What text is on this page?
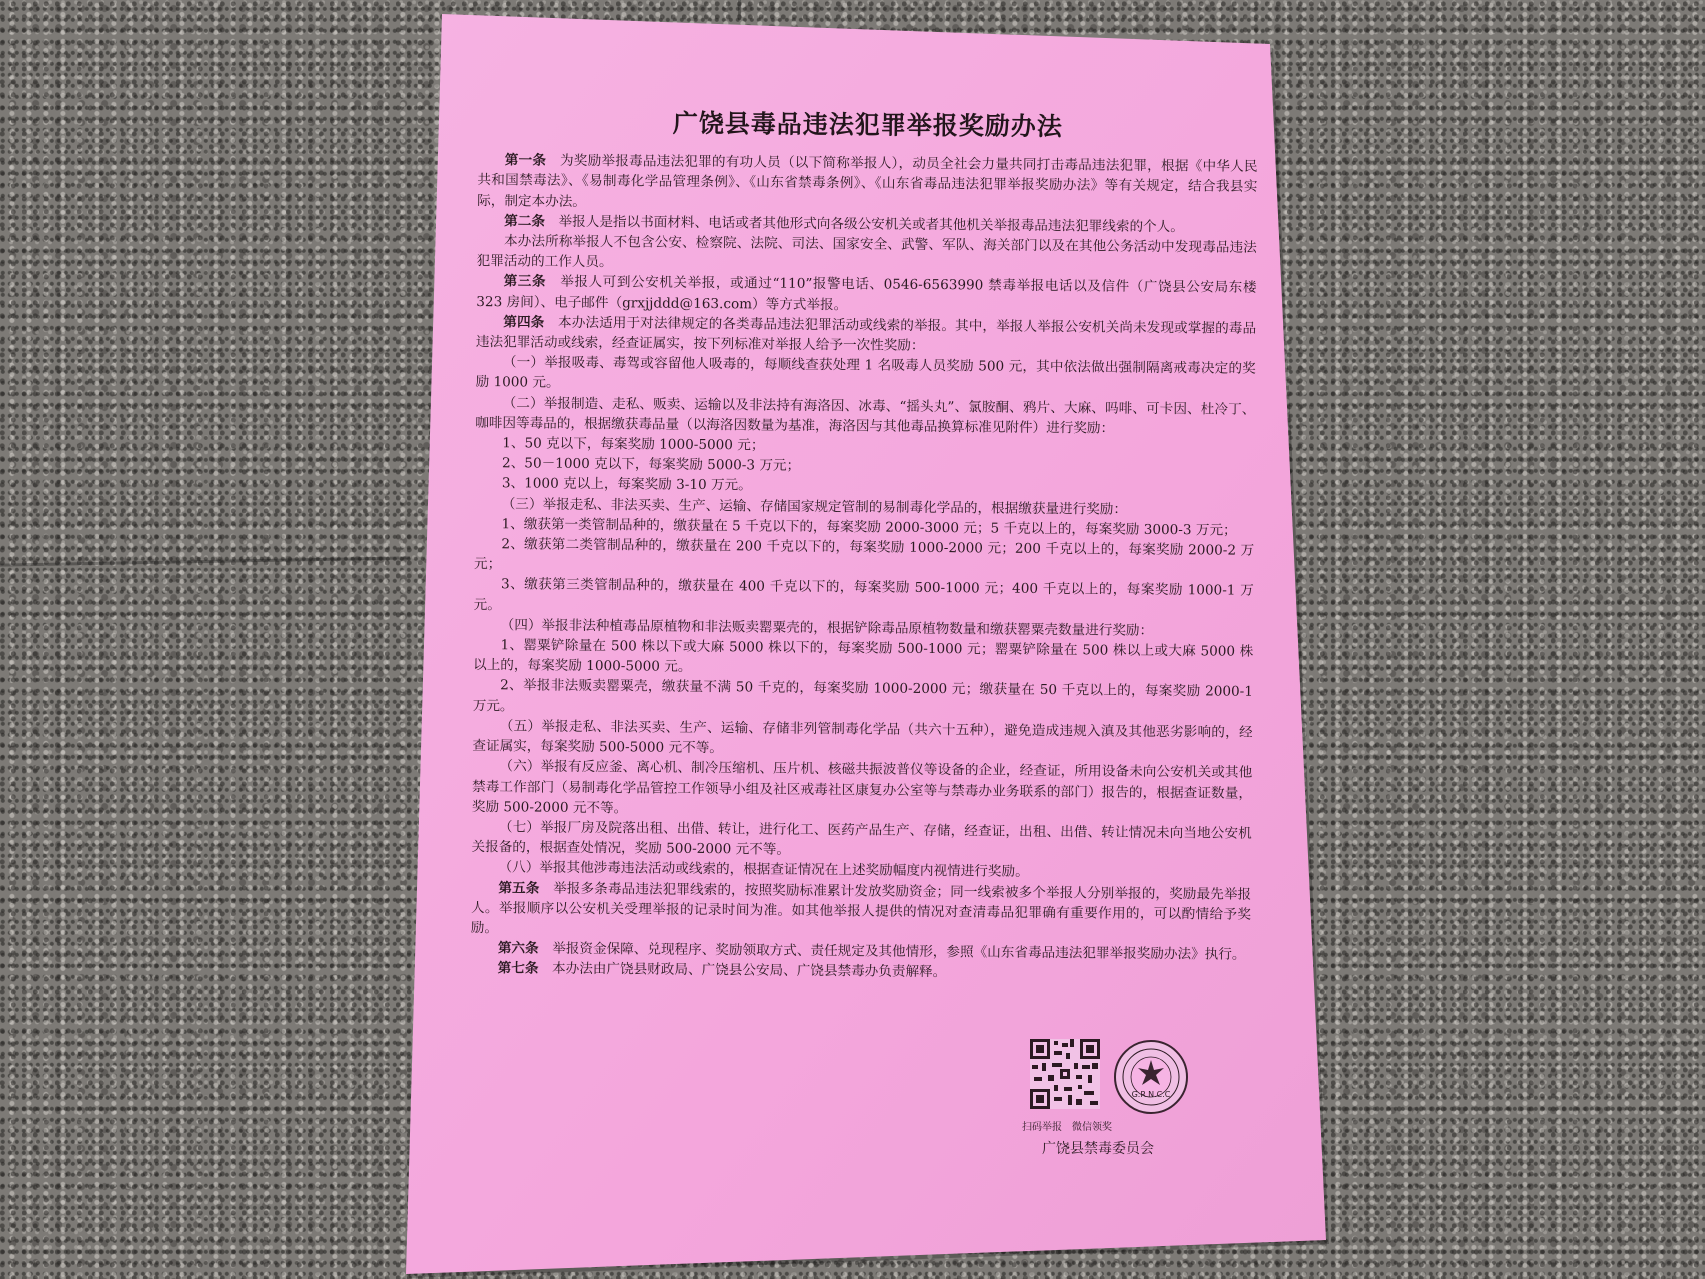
广饶县毒品违法犯罪举报奖励办法

第一条　为奖励举报毒品违法犯罪的有功人员（以下简称举报人），动员全社会力量共同打击毒品违法犯罪，根据《中华人民共和国禁毒法》、《易制毒化学品管理条例》、《山东省禁毒条例》、《山东省毒品违法犯罪举报奖励办法》等有关规定，结合我县实际，制定本办法。

第二条　举报人是指以书面材料、电话或者其他形式向各级公安机关或者其他机关举报毒品违法犯罪线索的个人。

本办法所称举报人不包含公安、检察院、法院、司法、国家安全、武警、军队、海关部门以及在其他公务活动中发现毒品违法犯罪活动的工作人员。

第三条　举报人可到公安机关举报，或通过“110”报警电话、0546-6563990 禁毒举报电话以及信件（广饶县公安局东楼 323 房间）、电子邮件（grxjjddd@163.com）等方式举报。

第四条　本办法适用于对法律规定的各类毒品违法犯罪活动或线索的举报。其中，举报人举报公安机关尚未发现或掌握的毒品违法犯罪活动或线索，经查证属实，按下列标准对举报人给予一次性奖励：

（一）举报吸毒、毒驾或容留他人吸毒的，每顺线查获处理 1 名吸毒人员奖励 500 元，其中依法做出强制隔离戒毒决定的奖励 1000 元。

（二）举报制造、走私、贩卖、运输以及非法持有海洛因、冰毒、“摇头丸”、氯胺酮、鸦片、大麻、吗啡、可卡因、杜冷丁、咖啡因等毒品的，根据缴获毒品量（以海洛因数量为基准，海洛因与其他毒品换算标准见附件）进行奖励：

1、50 克以下，每案奖励 1000-5000 元；

2、50－1000 克以下，每案奖励 5000-3 万元；

3、1000 克以上，每案奖励 3-10 万元。

（三）举报走私、非法买卖、生产、运输、存储国家规定管制的易制毒化学品的，根据缴获量进行奖励：

1、缴获第一类管制品种的，缴获量在 5 千克以下的，每案奖励 2000-3000 元；5 千克以上的，每案奖励 3000-3 万元；

2、缴获第二类管制品种的，缴获量在 200 千克以下的，每案奖励 1000-2000 元；200 千克以上的，每案奖励 2000-2 万元；

3、缴获第三类管制品种的，缴获量在 400 千克以下的，每案奖励 500-1000 元；400 千克以上的，每案奖励 1000-1 万元。

（四）举报非法种植毒品原植物和非法贩卖罂粟壳的，根据铲除毒品原植物数量和缴获罂粟壳数量进行奖励：

1、罂粟铲除量在 500 株以下或大麻 5000 株以下的，每案奖励 500-1000 元；罂粟铲除量在 500 株以上或大麻 5000 株以上的，每案奖励 1000-5000 元。

2、举报非法贩卖罂粟壳，缴获量不满 50 千克的，每案奖励 1000-2000 元；缴获量在 50 千克以上的，每案奖励 2000-1 万元。

（五）举报走私、非法买卖、生产、运输、存储非列管制毒化学品（共六十五种），避免造成违规入滇及其他恶劣影响的，经查证属实，每案奖励 500-5000 元不等。

（六）举报有反应釜、离心机、制冷压缩机、压片机、核磁共振波普仪等设备的企业，经查证，所用设备未向公安机关或其他禁毒工作部门（易制毒化学品管控工作领导小组及社区戒毒社区康复办公室等与禁毒办业务联系的部门）报告的，根据查证数量，奖励 500-2000 元不等。

（七）举报厂房及院落出租、出借、转让，进行化工、医药产品生产、存储，经查证，出租、出借、转让情况未向当地公安机关报备的，根据查处情况，奖励 500-2000 元不等。

（八）举报其他涉毒违法活动或线索的，根据查证情况在上述奖励幅度内视情进行奖励。

第五条　举报多条毒品违法犯罪线索的，按照奖励标准累计发放奖励资金；同一线索被多个举报人分别举报的，奖励最先举报人。举报顺序以公安机关受理举报的记录时间为准。如其他举报人提供的情况对查清毒品犯罪确有重要作用的，可以酌情给予奖励。

第六条　举报资金保障、兑现程序、奖励领取方式、责任规定及其他情形，参照《山东省毒品违法犯罪举报奖励办法》执行。

第七条　本办法由广饶县财政局、广饶县公安局、广饶县禁毒办负责解释。

G.R.N.C.C
扫码举报　微信领奖
广饶县禁毒委员会
